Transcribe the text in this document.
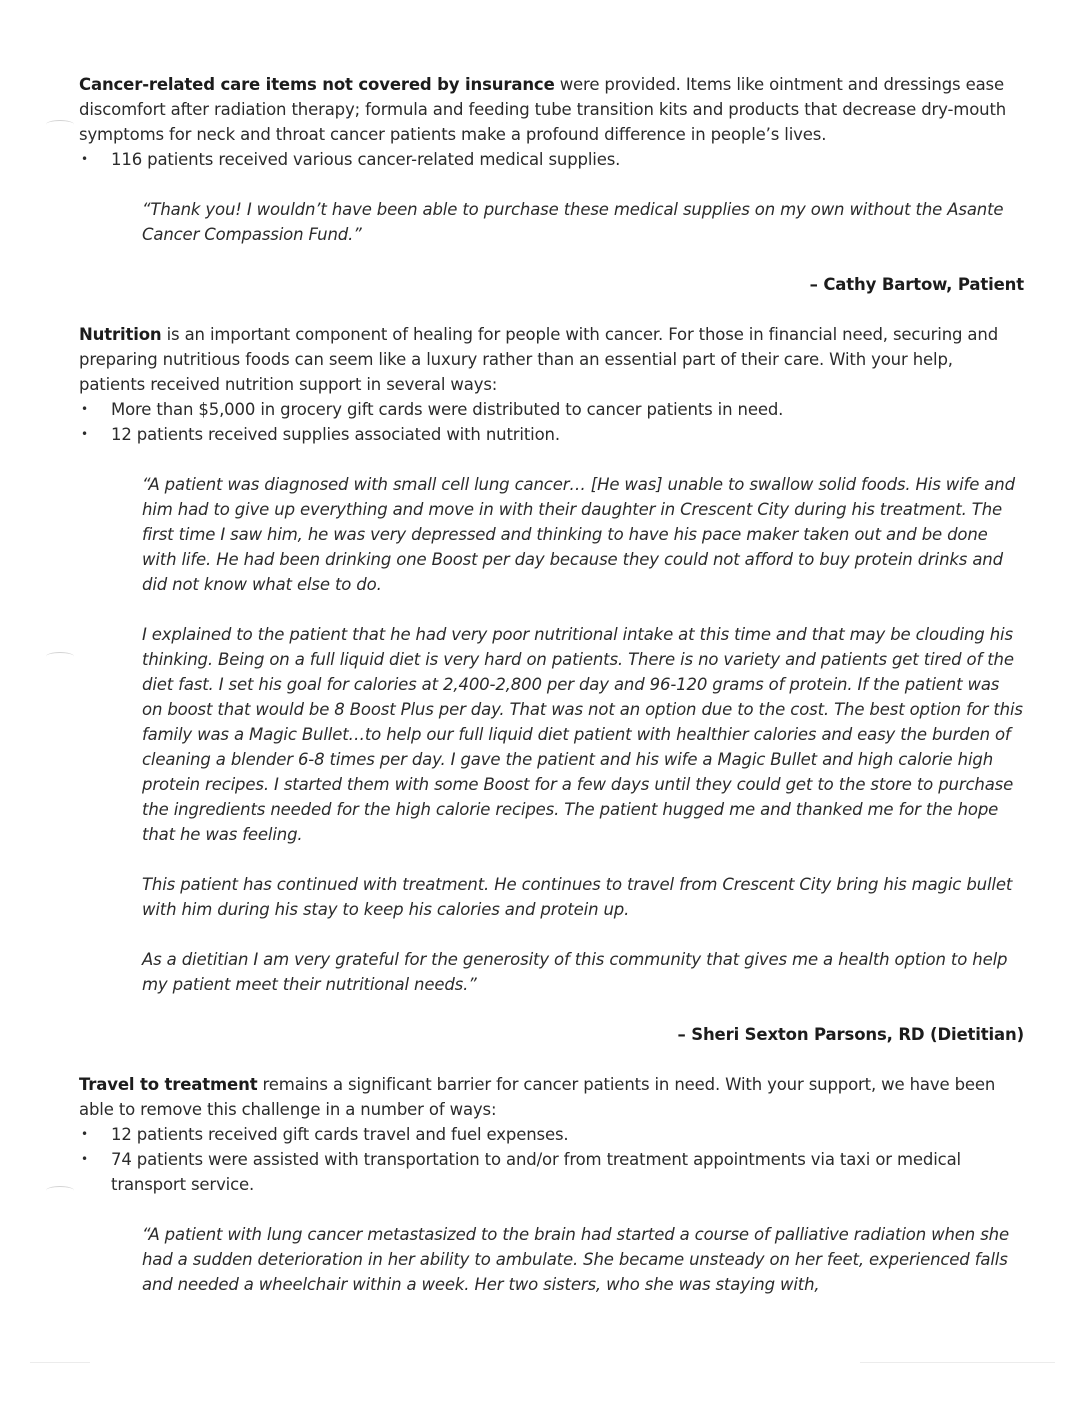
Cancer-related care items not covered by insurance were provided. Items like ointment and dressings ease discomfort after radiation therapy; formula and feeding tube transition kits and products that decrease dry-mouth symptoms for neck and throat cancer patients make a profound difference in people’s lives.

• 116 patients received various cancer-related medical supplies.

“Thank you! I wouldn’t have been able to purchase these medical supplies on my own without the Asante Cancer Compassion Fund.”

– Cathy Bartow, Patient

Nutrition is an important component of healing for people with cancer. For those in financial need, securing and preparing nutritious foods can seem like a luxury rather than an essential part of their care. With your help, patients received nutrition support in several ways:

• More than $5,000 in grocery gift cards were distributed to cancer patients in need.
• 12 patients received supplies associated with nutrition.

“A patient was diagnosed with small cell lung cancer… [He was] unable to swallow solid foods. His wife and him had to give up everything and move in with their daughter in Crescent City during his treatment. The first time I saw him, he was very depressed and thinking to have his pace maker taken out and be done with life. He had been drinking one Boost per day because they could not afford to buy protein drinks and did not know what else to do.

I explained to the patient that he had very poor nutritional intake at this time and that may be clouding his thinking. Being on a full liquid diet is very hard on patients. There is no variety and patients get tired of the diet fast. I set his goal for calories at 2,400-2,800 per day and 96-120 grams of protein. If the patient was on boost that would be 8 Boost Plus per day. That was not an option due to the cost. The best option for this family was a Magic Bullet…to help our full liquid diet patient with healthier calories and easy the burden of cleaning a blender 6-8 times per day. I gave the patient and his wife a Magic Bullet and high calorie high protein recipes. I started them with some Boost for a few days until they could get to the store to purchase the ingredients needed for the high calorie recipes. The patient hugged me and thanked me for the hope that he was feeling.

This patient has continued with treatment. He continues to travel from Crescent City bring his magic bullet with him during his stay to keep his calories and protein up.

As a dietitian I am very grateful for the generosity of this community that gives me a health option to help my patient meet their nutritional needs.”

– Sheri Sexton Parsons, RD (Dietitian)

Travel to treatment remains a significant barrier for cancer patients in need. With your support, we have been able to remove this challenge in a number of ways:

• 12 patients received gift cards travel and fuel expenses.
• 74 patients were assisted with transportation to and/or from treatment appointments via taxi or medical transport service.

“A patient with lung cancer metastasized to the brain had started a course of palliative radiation when she had a sudden deterioration in her ability to ambulate. She became unsteady on her feet, experienced falls and needed a wheelchair within a week. Her two sisters, who she was staying with,
